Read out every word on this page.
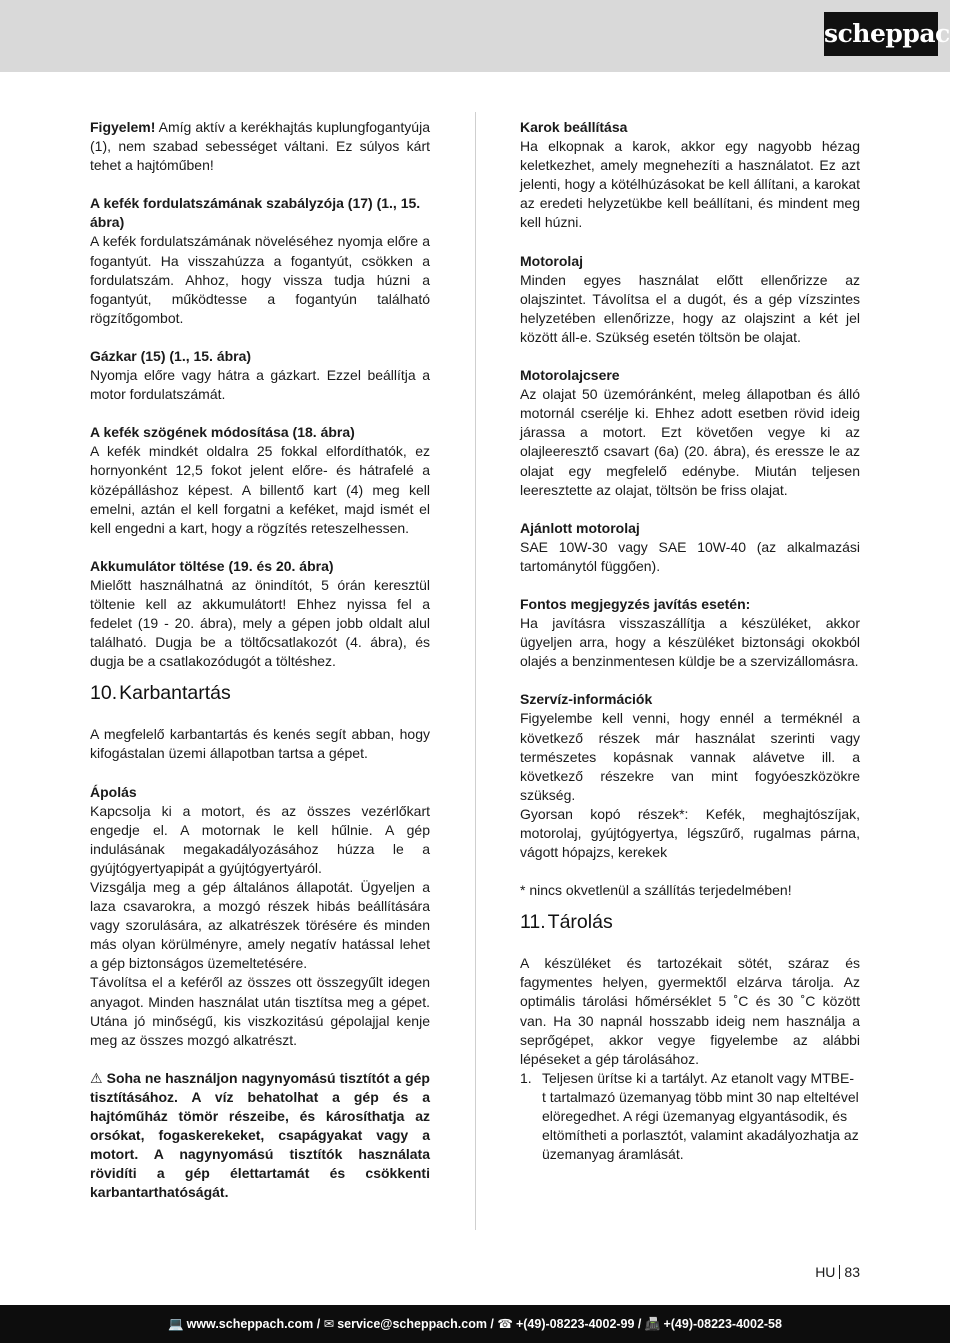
scheppach

Figyelem! Amíg aktív a kerékhajtás kuplungfogantyúja (1), nem szabad sebességet váltani. Ez súlyos kárt tehet a hajtóműben!

A kefék fordulatszámának szabályzója (17) (1., 15. ábra)

A kefék fordulatszámának növeléséhez nyomja előre a fogantyút. Ha visszahúzza a fogantyút, csökken a fordulatszám. Ahhoz, hogy vissza tudja húzni a fogantyút, működtesse a fogantyún található rögzítőgombot.

Gázkar (15) (1., 15. ábra)

Nyomja előre vagy hátra a gázkart. Ezzel beállítja a motor fordulatszámát.

A kefék szögének módosítása (18. ábra)

A kefék mindkét oldalra 25 fokkal elfordíthatók, ez hornyonként 12,5 fokot jelent előre- és hátrafelé a középálláshoz képest. A billentő kart (4) meg kell emelni, aztán el kell forgatni a keféket, majd ismét el kell engedni a kart, hogy a rögzítés reteszelhessen.

Akkumulátor töltése (19. és 20. ábra)

Mielőtt használhatná az önindítót, 5 órán keresztül töltenie kell az akkumulátort! Ehhez nyissa fel a fedelet (19 - 20. ábra), mely a gépen jobb oldalt alul található. Dugja be a töltőcsatlakozót (4. ábra), és dugja be a csatlakozódugót a töltéshez.

10. Karbantartás

A megfelelő karbantartás és kenés segít abban, hogy kifogástalan üzemi állapotban tartsa a gépet.

Ápolás

Kapcsolja ki a motort, és az összes vezérlőkart engedje el. A motornak le kell hűlnie. A gép indulásának megakadályozásához húzza le a gyújtógyertyapipát a gyújtógyertyáról.

Vizsgálja meg a gép általános állapotát. Ügyeljen a laza csavarokra, a mozgó részek hibás beállítására vagy szorulására, az alkatrészek törésére és minden más olyan körülményre, amely negatív hatással lehet a gép biztonságos üzemeltetésére.

Távolítsa el a keféről az összes ott összegyűlt idegen anyagot. Minden használat után tisztítsa meg a gépet. Utána jó minőségű, kis viszkozitású gépolajjal kenje meg az összes mozgó alkatrészt.

⚠ Soha ne használjon nagynyomású tisztítót a gép tisztításához. A víz behatolhat a gép és a hajtóműház tömör részeibe, és károsíthatja az orsókat, fogaskerekeket, csapágyakat vagy a motort. A nagynyomású tisztítók használata rövidíti a gép élettartamát és csökkenti karbantarthatóságát.

Karok beállítása

Ha elkopnak a karok, akkor egy nagyobb hézag keletkezhet, amely megnehezíti a használatot. Ez azt jelenti, hogy a kötélhúzásokat be kell állítani, a karokat az eredeti helyzetükbe kell beállítani, és mindent meg kell húzni.

Motorolaj

Minden egyes használat előtt ellenőrizze az olajszintet. Távolítsa el a dugót, és a gép vízszintes helyzetében ellenőrizze, hogy az olajszint a két jel között áll-e. Szükség esetén töltsön be olajat.

Motorolajcsere

Az olajat 50 üzemóránként, meleg állapotban és álló motornál cserélje ki. Ehhez adott esetben rövid ideig járassa a motort. Ezt követően vegye ki az olajleeresztő csavart (6a) (20. ábra), és eressze le az olajat egy megfelelő edénybe. Miután teljesen leeresztette az olajat, töltsön be friss olajat.

Ajánlott motorolaj

SAE 10W-30 vagy SAE 10W-40 (az alkalmazási tartománytól függően).

Fontos megjegyzés javítás esetén:

Ha javításra visszaszállítja a készüléket, akkor ügyeljen arra, hogy a készüléket biztonsági okokból olajés a benzinmentesen küldje be a szervizállomásra.

Szervíz-információk

Figyelembe kell venni, hogy ennél a terméknél a következő részek már használat szerinti vagy természetes kopásnak vannak alávetve ill. a következő részekre van mint fogyóeszközökre szükség.

Gyorsan kopó részek*: Kefék, meghajtószíjak, motorolaj, gyújtógyertya, légszűrő, rugalmas párna, vágott hópajzs, kerekek

* nincs okvetlenül a szállítás terjedelmében!

11. Tárolás

A készüléket és tartozékait sötét, száraz és fagymentes helyen, gyermektől elzárva tárolja. Az optimális tárolási hőmérséklet 5 ˚C és 30 ˚C között van. Ha 30 napnál hosszabb ideig nem használja a seprőgépet, akkor vegye figyelembe az alábbi lépéseket a gép tárolásához.

1. Teljesen ürítse ki a tartályt. Az etanolt vagy MTBE- t tartalmazó üzemanyag több mint 30 nap elteltével elöregedhet. A régi üzemanyag elgyantásodik, és eltömítheti a porlasztót, valamint akadályozhatja az üzemanyag áramlását.
HU 83
💻 www.scheppach.com / ✉ service@scheppach.com / ☎ +(49)-08223-4002-99 / 📠 +(49)-08223-4002-58
